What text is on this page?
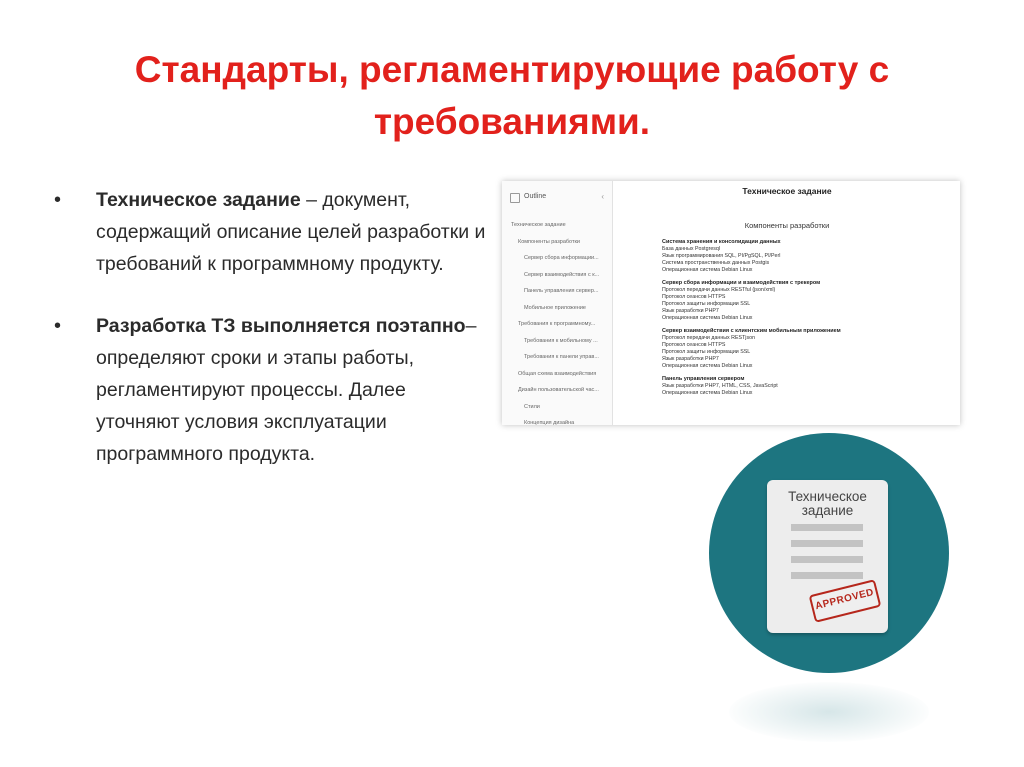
Стандарты, регламентирующие работу с
требованиями.
• Техническое задание – документ, содержащий описание целей разработки и требований к программному продукту.
• Разработка ТЗ выполняется поэтапно– определяют сроки и этапы работы, регламентируют процессы. Далее уточняют условия эксплуатации программного продукта.
Outline	‹
Техническое задание
Компоненты разработки
Сервер сбора информации...
Сервер взаимодействия с к...
Панель управления сервер...
Мобильное приложение
Требования к программному...
Требования к мобильному ...
Требования к панели управ...
Общая схема взаимодействия
Дизайн пользовательской час...
Стили
Концепция дизайна
Техническое задание
Компоненты разработки
Система хранения и консолидации данных
База данных Postgresql
Язык программирования SQL, PI/PgSQL, PI/Perl
Система пространственных данных Postgis
Операционная система Debian Linux
Сервер сбора информации и взаимодействия с трекером
Протокол передачи данных RESTful (json/xml)
Протокол сеансов HTTPS
Протокол защиты информации SSL
Язык разработки PHP7
Операционная система Debian Linux
Сервер взаимодействия с клиентским мобильным приложением
Протокол передачи данных RESTjson
Протокол сеансов HTTPS
Протокол защиты информации SSL
Язык разработки PHP7
Операционная система Debian Linux
Панель управления сервером
Язык разработки PHP7, HTML, CSS, JavaScript
Операционная система Debian Linux
Техническое задание
APPROVED
